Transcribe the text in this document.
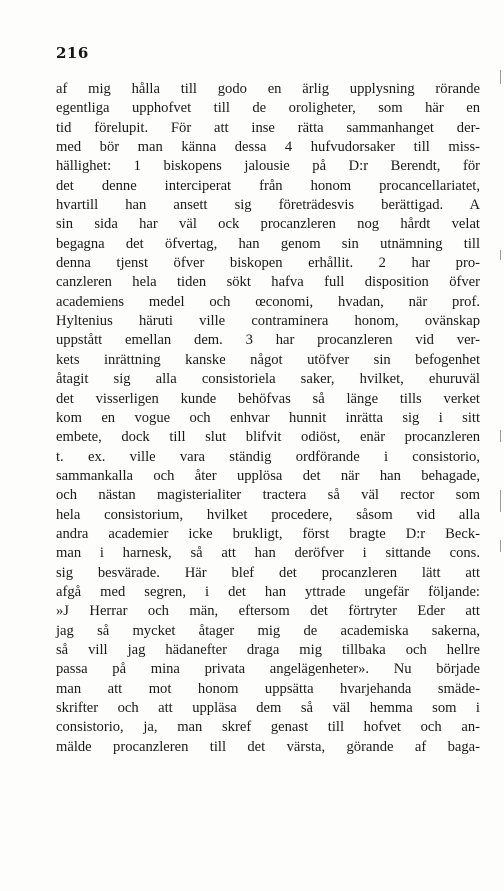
216
af mig hålla till godo en ärlig upplysning rörande
egentliga upphofvet till de oroligheter, som här en
tid förelupit. För att inse rätta sammanhanget der-
med bör man känna dessa 4 hufvudorsaker till miss-
hällighet: 1 biskopens jalousie på D:r Berendt, för
det denne interciperat från honom procancellariatet,
hvartill han ansett sig företrädesvis berättigad. A
sin sida har väl ock procanzleren nog hårdt velat
begagna det öfvertag, han genom sin utnämning till
denna tjenst öfver biskopen erhållit. 2 har pro-
canzleren hela tiden sökt hafva full disposition öfver
academiens medel och œconomi, hvadan, när prof.
Hyltenius häruti ville contraminera honom, ovänskap
uppstått emellan dem. 3 har procanzleren vid ver-
kets inrättning kanske något utöfver sin befogenhet
åtagit sig alla consistoriela saker, hvilket, ehuruväl
det visserligen kunde behöfvas så länge tills verket
kom en vogue och enhvar hunnit inrätta sig i sitt
embete, dock till slut blifvit odiöst, enär procanzleren
t. ex. ville vara ständig ordförande i consistorio,
sammankalla och åter upplösa det när han behagade,
och nästan magisterialiter tractera så väl rector som
hela consistorium, hvilket procedere, såsom vid alla
andra academier icke brukligt, först bragte D:r Beck-
man i harnesk, så att han deröfver i sittande cons.
sig besvärade. Här blef det procanzleren lätt att
afgå med segren, i det han yttrade ungefär följande:
»J Herrar och män, eftersom det förtryter Eder att
jag så mycket åtager mig de academiska sakerna,
så vill jag hädanefter draga mig tillbaka och hellre
passa på mina privata angelägenheter». Nu började
man att mot honom uppsätta hvarjehanda smäde-
skrifter och att uppläsa dem så väl hemma som i
consistorio, ja, man skref genast till hofvet och an-
mälde procanzleren till det värsta, görande af baga-
